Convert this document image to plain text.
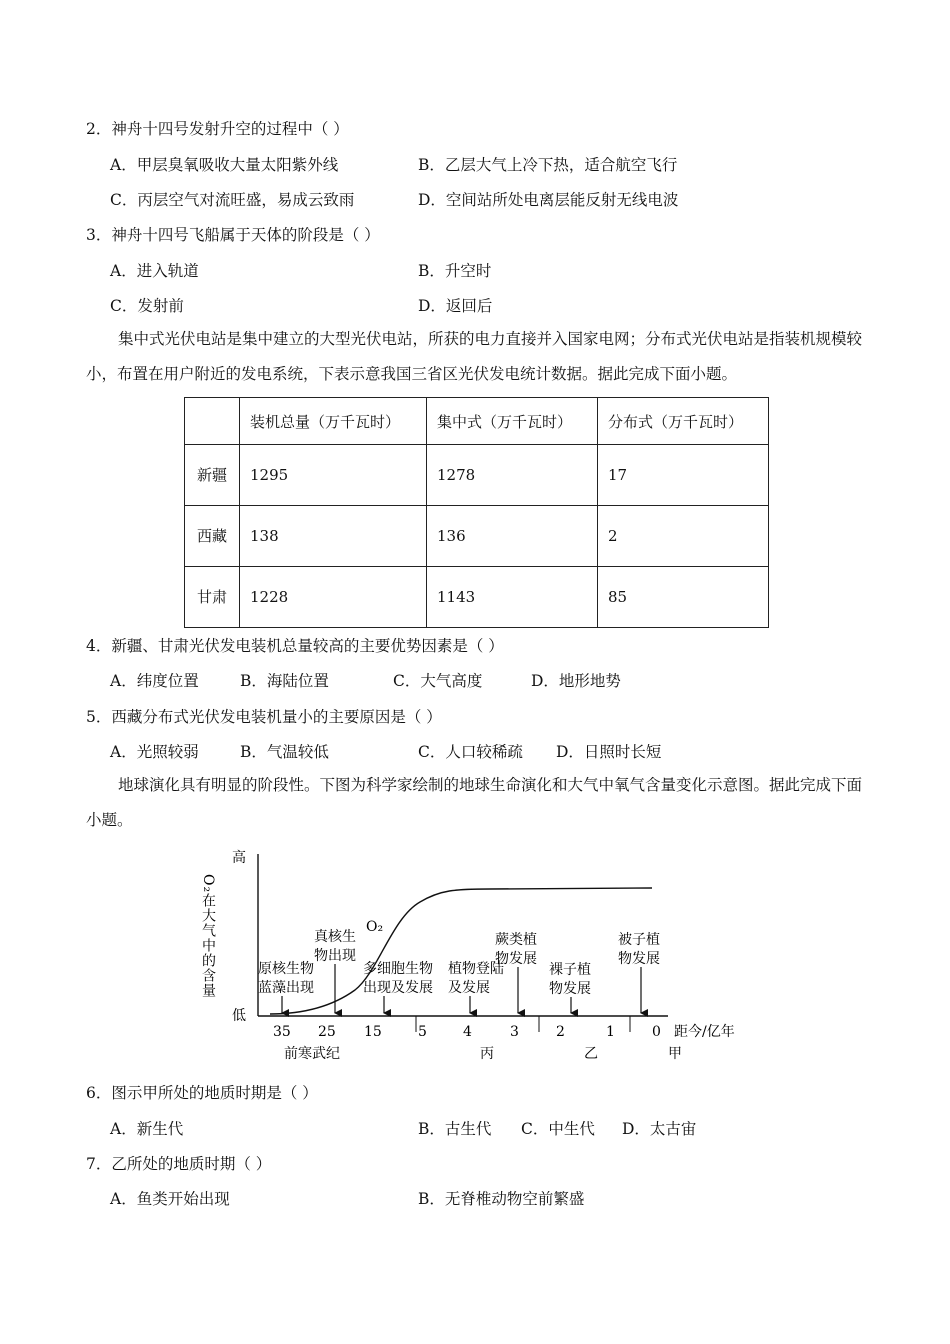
2．神舟十四号发射升空的过程中（ ）
A．甲层臭氧吸收大量太阳紫外线	B．乙层大气上冷下热，适合航空飞行
C．丙层空气对流旺盛，易成云致雨	D．空间站所处电离层能反射无线电波
3．神舟十四号飞船属于天体的阶段是（ ）
A．进入轨道	B．升空时
C．发射前	D．返回后
集中式光伏电站是集中建立的大型光伏电站，所获的电力直接并入国家电网；分布式光伏电站是指装机规模较小，布置在用户附近的发电系统，下表示意我国三省区光伏发电统计数据。据此完成下面小题。
	装机总量（万千瓦时）	集中式（万千瓦时）	分布式（万千瓦时）
新疆	1295	1278	17
西藏	138	136	2
甘肃	1228	1143	85
4．新疆、甘肃光伏发电装机总量较高的主要优势因素是（ ）
A．纬度位置	B．海陆位置	C．大气高度	D．地形地势
5．西藏分布式光伏发电装机量小的主要原因是（ ）
A．光照较弱	B．气温较低	C．人口较稀疏 D．日照时长短
地球演化具有明显的阶段性。下图为科学家绘制的地球生命演化和大气中氧气含量变化示意图。据此完成下面小题。
高
低
O₂在大气中的含量	O₂
35 25 15	5	4	3	2	1	0 距今/亿年
前寒武纪	丙	乙	甲
原核生物
蓝藻出现
真核生
物出现
多细胞生物
出现及发展
植物登陆
及发展
蕨类植
物发展
裸子植
物发展
被子植
物发展
6．图示甲所处的地质时期是（ ）
A．新生代	B．古生代 C．中生代 D．太古宙
7．乙所处的地质时期（ ）
A．鱼类开始出现	B．无脊椎动物空前繁盛
